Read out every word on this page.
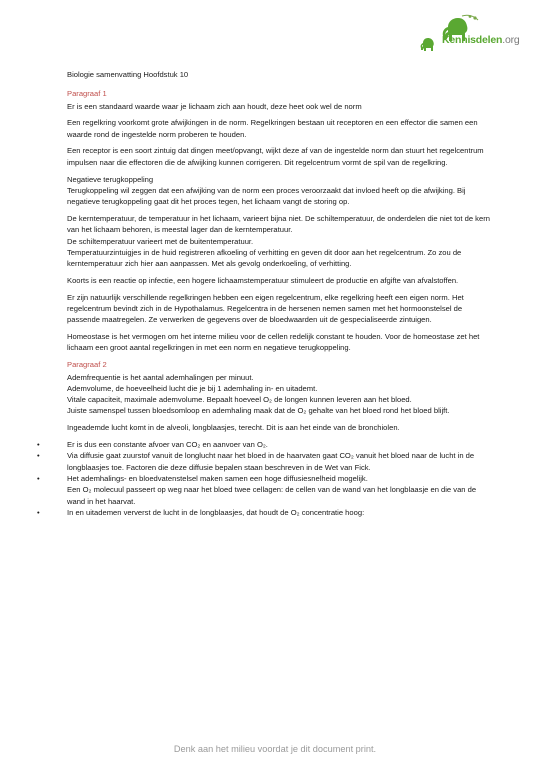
Kennisdelen.org
Biologie samenvatting Hoofdstuk 10
Paragraaf 1

Er is een standaard waarde waar je lichaam zich aan houdt, deze heet ook wel de norm

Een regelkring voorkomt grote afwijkingen in de norm. Regelkringen bestaan uit receptoren en een effector die samen een waarde rond de ingestelde norm proberen te houden.

Een receptor is een soort zintuig dat dingen meet/opvangt, wijkt deze af van de ingestelde norm dan stuurt het regelcentrum impulsen naar die effectoren die de afwijking kunnen corrigeren. Dit regelcentrum vormt de spil van de regelkring.

Negatieve terugkoppeling

Terugkoppeling wil zeggen dat een afwijking van de norm een proces veroorzaakt dat invloed heeft op die afwijking. Bij negatieve terugkoppeling gaat dit het proces tegen, het lichaam vangt de storing op.

De kerntemperatuur, de temperatuur in het lichaam, varieert bijna niet. De schiltemperatuur, de onderdelen die niet tot de kern van het lichaam behoren, is meestal lager dan de kerntemperatuur.
De schiltemperatuur varieert met de buitentemperatuur.

Temperatuurzintuigjes in de huid registreren afkoeling of verhitting en geven dit door aan het regelcentrum. Zo zou de kerntemperatuur zich hier aan aanpassen. Met als gevolg onderkoeling, of verhitting.

Koorts is een reactie op infectie, een hogere lichaamstemperatuur stimuleert de productie en afgifte van afvalstoffen.

Er zijn natuurlijk verschillende regelkringen hebben een eigen regelcentrum, elke regelkring heeft een eigen norm. Het regelcentrum bevindt zich in de Hypothalamus. Regelcentra in de hersenen nemen samen met het hormoonstelsel de passende maatregelen. Ze verwerken de gegevens over de bloedwaarden uit de gespecialiseerde zintuigen.

Homeostase is het vermogen om het interne milieu voor de cellen redelijk constant te houden. Voor de homeostase zet het lichaam een groot aantal regelkringen in met een norm en negatieve terugkoppeling.

Paragraaf 2
Ademfrequentie is het aantal ademhalingen per minuut.
Ademvolume, de hoeveelheid lucht die je bij 1 ademhaling in- en uitademt.
Vitale capaciteit, maximale ademvolume. Bepaalt hoeveel O₂ de longen kunnen leveren aan het bloed.

Juiste samenspel tussen bloedsomloop en ademhaling maak dat de O₂ gehalte van het bloed rond het bloed blijft.

Ingeademde lucht komt in de alveoli, longblaasjes, terecht. Dit is aan het einde van de bronchiolen.

•	Er is dus een constante afvoer van CO₂ en aanvoer van O₂.
•	Via diffusie gaat zuurstof vanuit de longlucht naar het bloed in de haarvaten gaat CO₂ vanuit het bloed naar de lucht in de longblaasjes toe. Factoren die deze diffusie bepalen staan beschreven in de Wet van Fick.
•	Het ademhalings- en bloedvatenstelsel maken samen een hoge diffusiesnelheid mogelijk.
Een O₂ molecuul passeert op weg naar het bloed twee cellagen: de cellen van de wand van het longblaasje en die van de wand in het haarvat.
•	In en uitademen ververst de lucht in de longblaasjes, dat houdt de O₂ concentratie hoog:
Denk aan het milieu voordat je dit document print.
